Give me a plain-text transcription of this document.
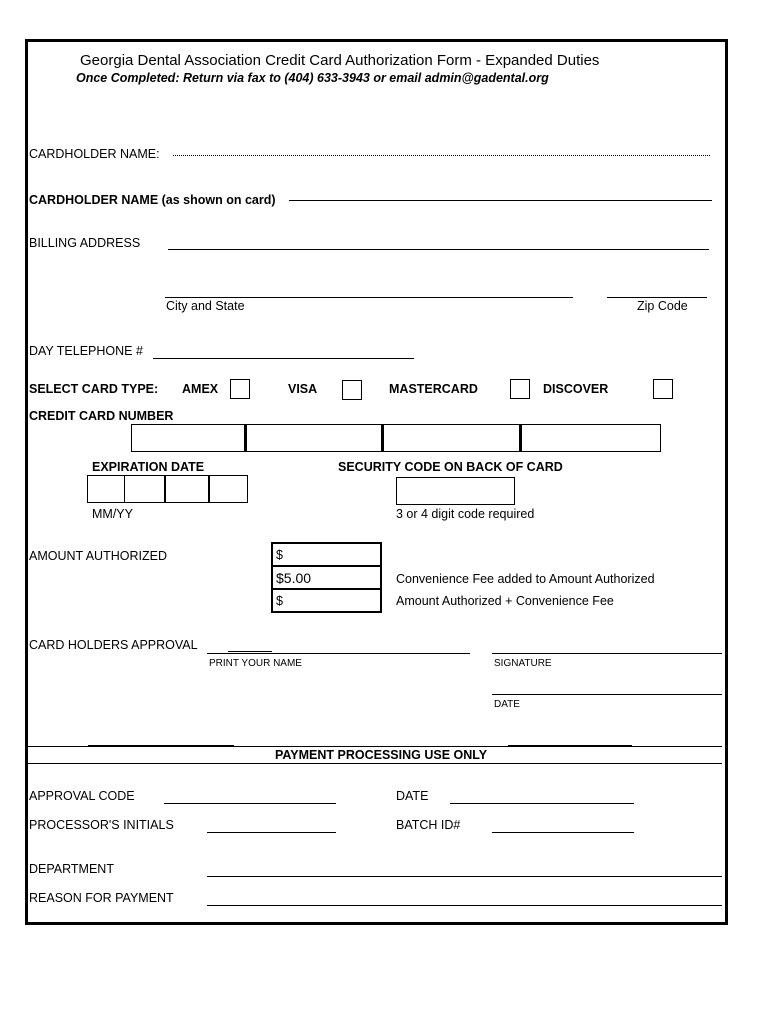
Georgia Dental Association Credit Card Authorization Form - Expanded Duties
Once Completed: Return via fax to (404) 633-3943 or email admin@gadental.org
CARDHOLDER NAME:
CARDHOLDER NAME (as shown on card)
BILLING ADDRESS
City and State	Zip Code
DAY TELEPHONE #
SELECT CARD TYPE: AMEX	VISA	MASTERCARD	DISCOVER
CREDIT CARD NUMBER
EXPIRATION DATE	SECURITY CODE ON BACK OF CARD
MM/YY	3 or 4 digit code required
AMOUNT AUTHORIZED	$
$5.00
$
Convenience Fee added to Amount Authorized
Amount Authorized + Convenience Fee
CARD HOLDERS APPROVAL
PRINT YOUR NAME	SIGNATURE
DATE
PAYMENT PROCESSING USE ONLY
APPROVAL CODE	DATE
PROCESSOR'S INITIALS	BATCH ID#
DEPARTMENT
REASON FOR PAYMENT
